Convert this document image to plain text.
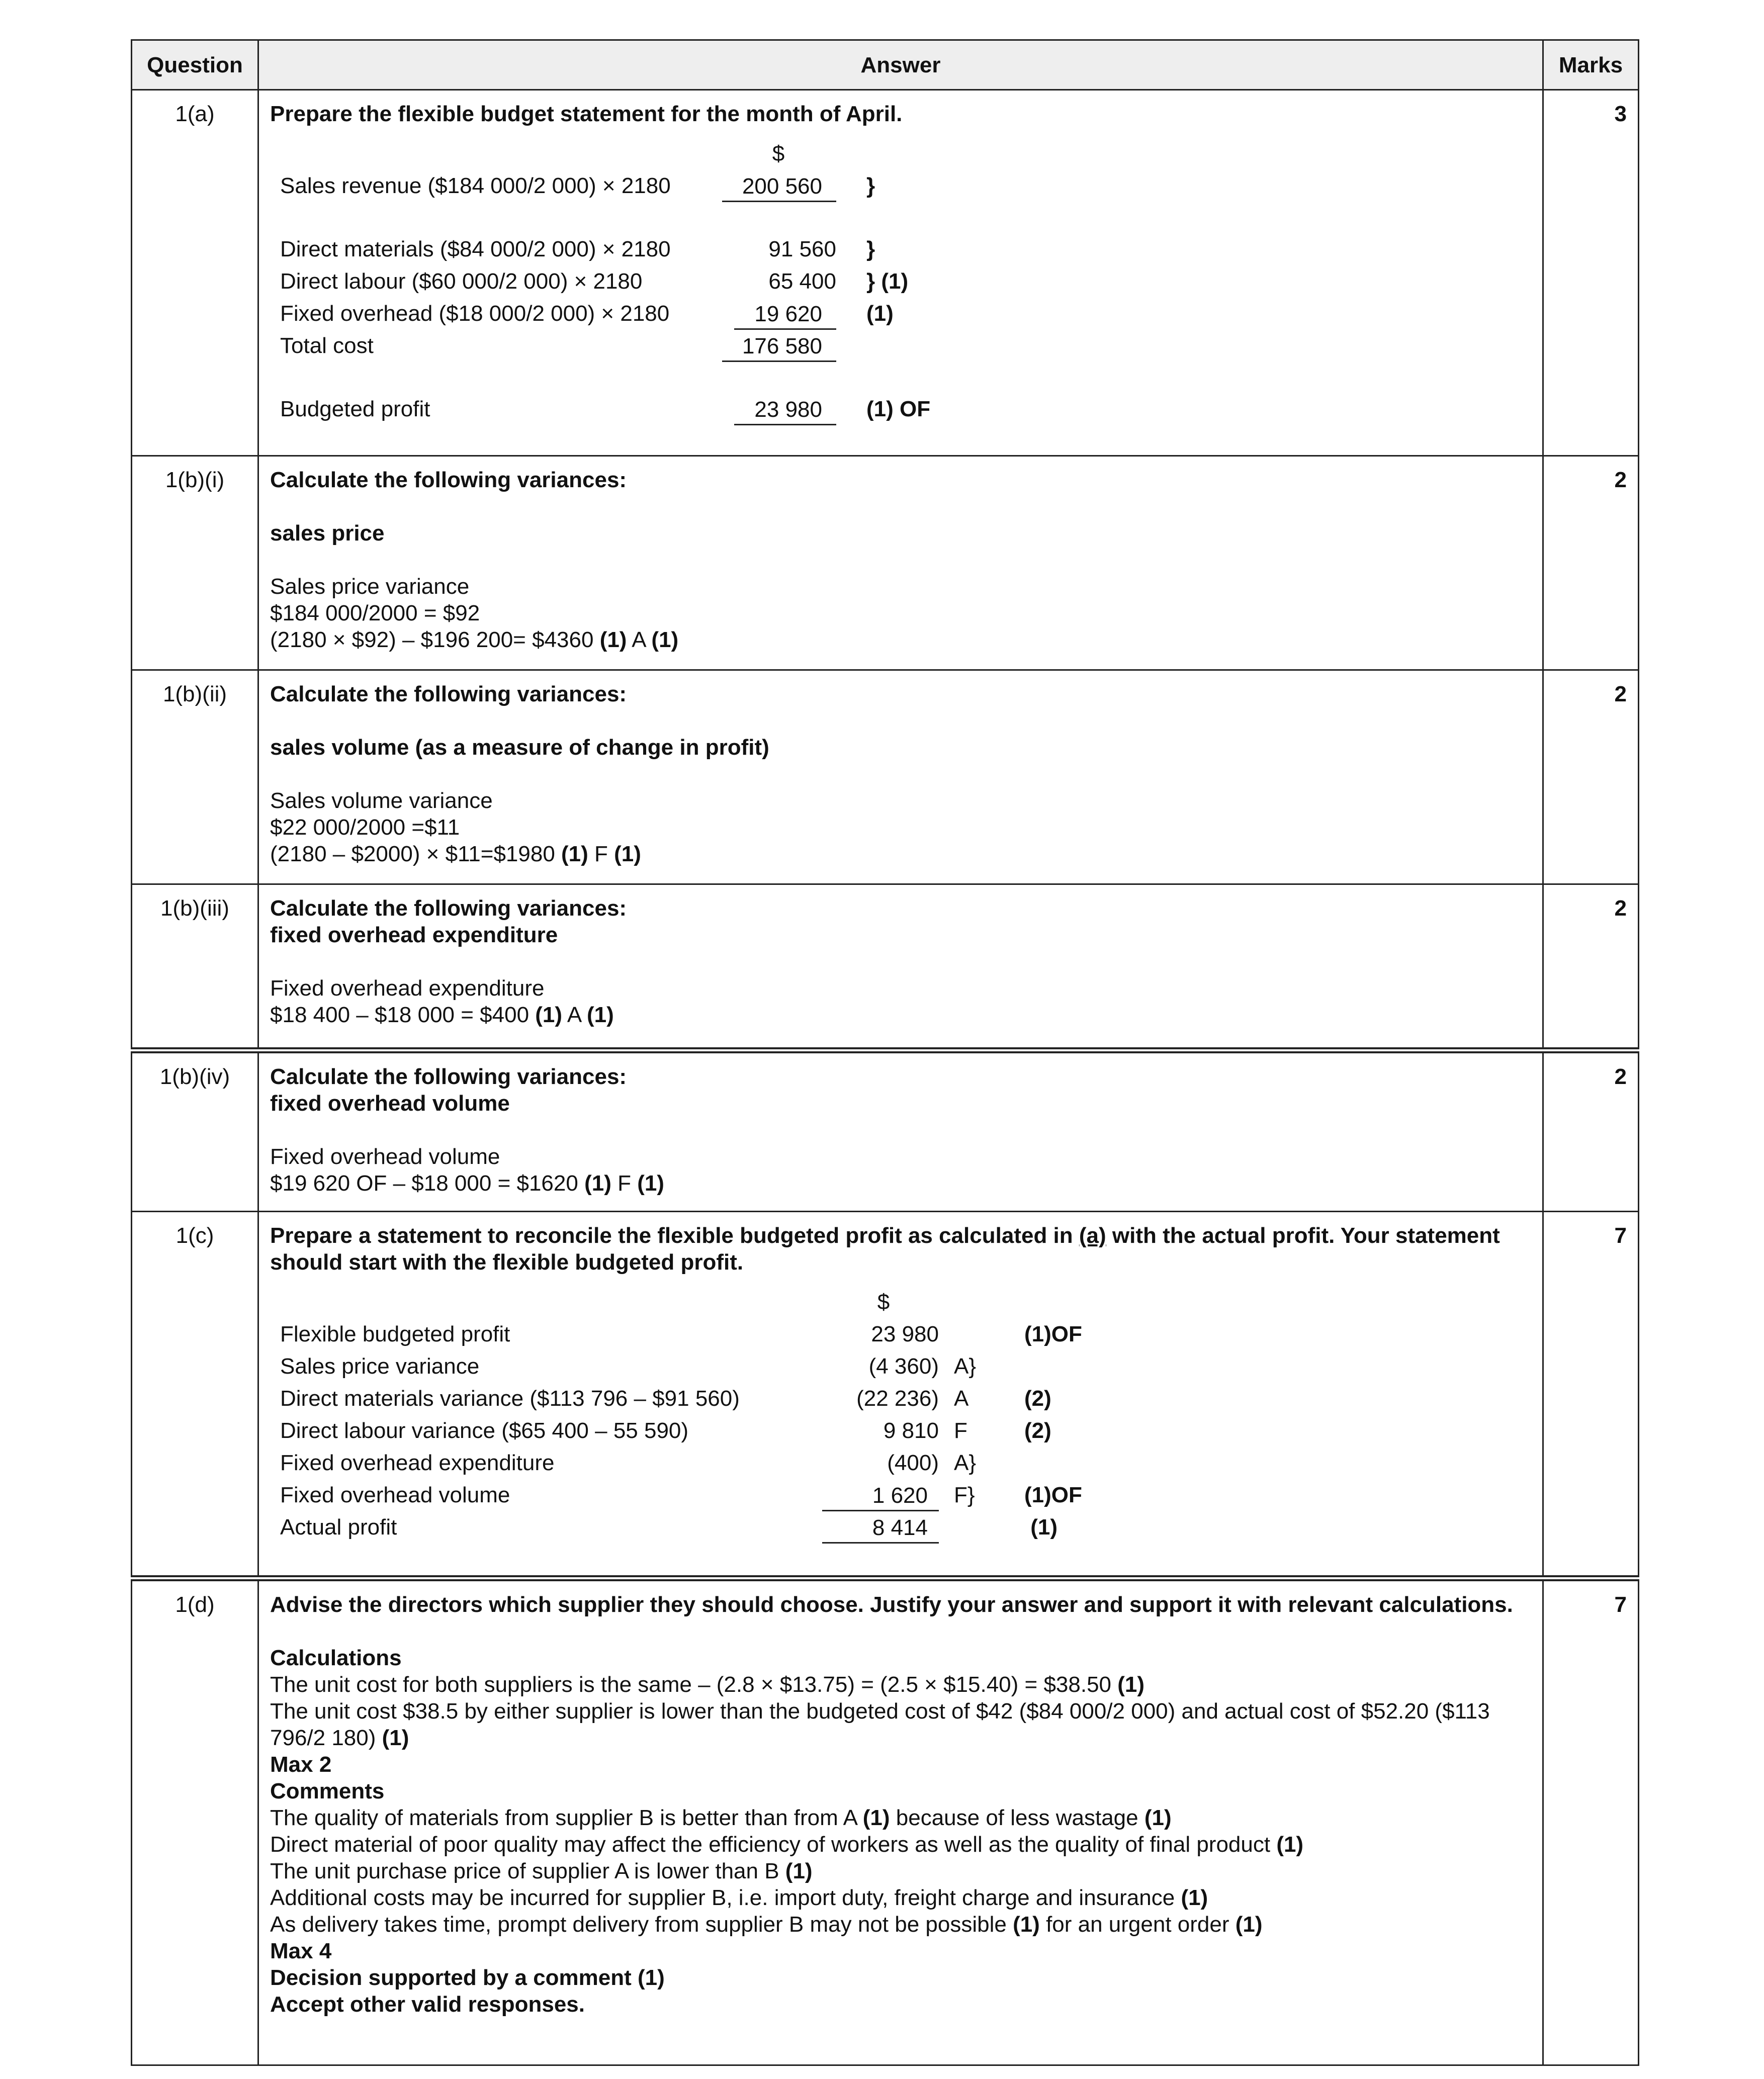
Question	Answer	Marks
1(a)	Prepare the flexible budget statement for the month of April.
	$	
Sales revenue ($184 000/2 000) × 2180	200 560	}

Direct materials ($84 000/2 000) × 2180	91 560	}
Direct labour ($60 000/2 000) × 2180	65 400	} (1)
Fixed overhead ($18 000/2 000) × 2180	19 620	(1)
Total cost	176 580	

Budgeted profit	23 980	(1) OF
	3
1(b)(i)	Calculate the following variances:
sales price
Sales price variance
$184 000/2000 = $92
(2180 × $92) – $196 200= $4360 (1) A (1)
	2
1(b)(ii)	Calculate the following variances:
sales volume (as a measure of change in profit)
Sales volume variance
$22 000/2000 =$11
(2180 – $2000) × $11=$1980 (1) F (1)
	2
1(b)(iii)	Calculate the following variances:
fixed overhead expenditure
Fixed overhead expenditure
$18 400 – $18 000 = $400 (1) A (1)
	2
1(b)(iv)	Calculate the following variances:
fixed overhead volume
Fixed overhead volume
$19 620 OF – $18 000 = $1620 (1) F (1)
	2
1(c)	Prepare a statement to reconcile the flexible budgeted profit as calculated in (a) with the actual profit. Your statement should start with the flexible budgeted profit.
	$		
Flexible budgeted profit	23 980		(1)OF
Sales price variance	(4 360)	A}	
Direct materials variance ($113 796 – $91 560)	(22 236)	A	(2)
Direct labour variance ($65 400 – 55 590)	9 810	F	(2)
Fixed overhead expenditure	(400)	A}	
Fixed overhead volume	1 620	F}	(1)OF
Actual profit	8 414		(1)
	7
1(d)	Advise the directors which supplier they should choose. Justify your answer and support it with relevant calculations.
Calculations
The unit cost for both suppliers is the same – (2.8 × $13.75) = (2.5 × $15.40) = $38.50 (1)
The unit cost $38.5 by either supplier is lower than the budgeted cost of $42 ($84 000/2 000) and actual cost of $52.20 ($113 796/2 180) (1)
Max 2
Comments
The quality of materials from supplier B is better than from A (1) because of less wastage (1)
Direct material of poor quality may affect the efficiency of workers as well as the quality of final product (1)
The unit purchase price of supplier A is lower than B (1)
Additional costs may be incurred for supplier B, i.e. import duty, freight charge and insurance (1)
As delivery takes time, prompt delivery from supplier B may not be possible (1) for an urgent order (1)
Max 4
Decision supported by a comment (1)
Accept other valid responses.
	7
